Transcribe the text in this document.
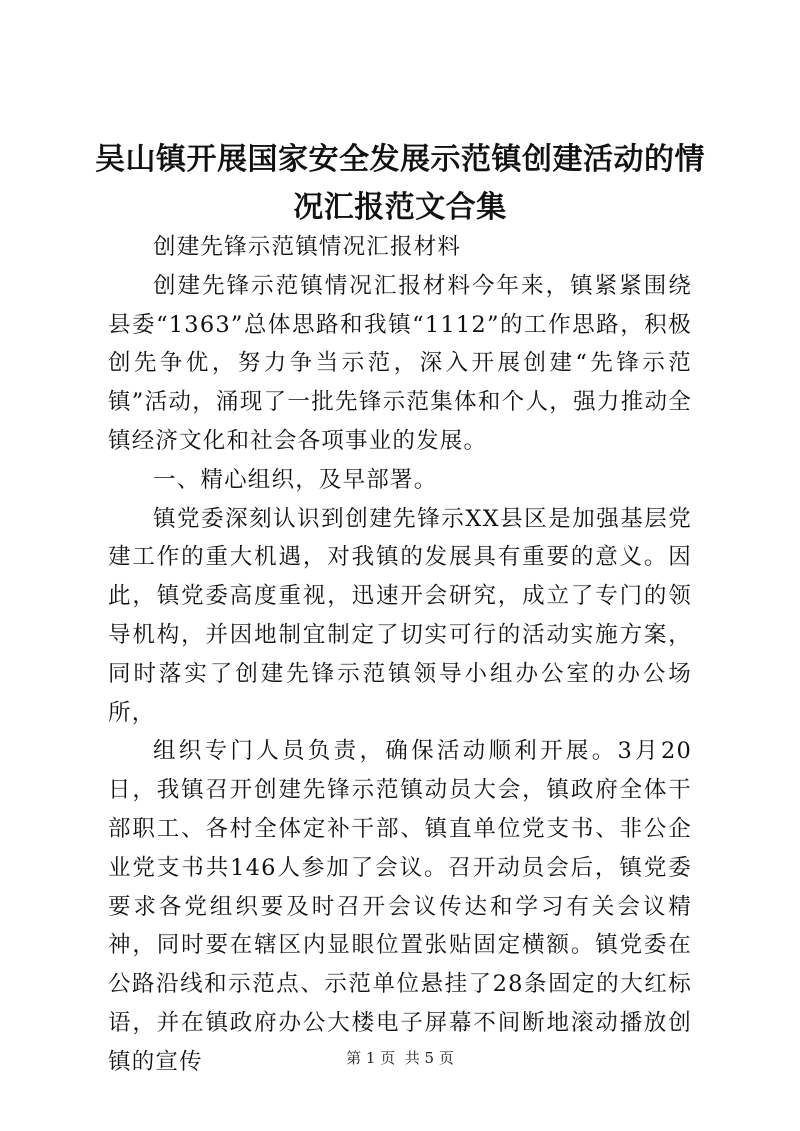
吴山镇开展国家安全发展示范镇创建活动的情
况汇报范文合集

创建先锋示范镇情况汇报材料

创建先锋示范镇情况汇报材料今年来，镇紧紧围绕县委“1363”总体思路和我镇“1112”的工作思路，积极创先争优，努力争当示范，深入开展创建“先锋示范镇”活动，涌现了一批先锋示范集体和个人，强力推动全镇经济文化和社会各项事业的发展。

一、精心组织，及早部署。

镇党委深刻认识到创建先锋示XX县区是加强基层党建工作的重大机遇，对我镇的发展具有重要的意义。因此，镇党委高度重视，迅速开会研究，成立了专门的领导机构，并因地制宜制定了切实可行的活动实施方案，同时落实了创建先锋示范镇领导小组办公室的办公场所，

组织专门人员负责，确保活动顺利开展。3月20日，我镇召开创建先锋示范镇动员大会，镇政府全体干部职工、各村全体定补干部、镇直单位党支书、非公企业党支书共146人参加了会议。召开动员会后，镇党委要求各党组织要及时召开会议传达和学习有关会议精神，同时要在辖区内显眼位置张贴固定横额。镇党委在公路沿线和示范点、示范单位悬挂了28条固定的大红标语，并在镇政府办公大楼电子屏幕不间断地滚动播放创镇的宣传	第 1 页  共 5 页
